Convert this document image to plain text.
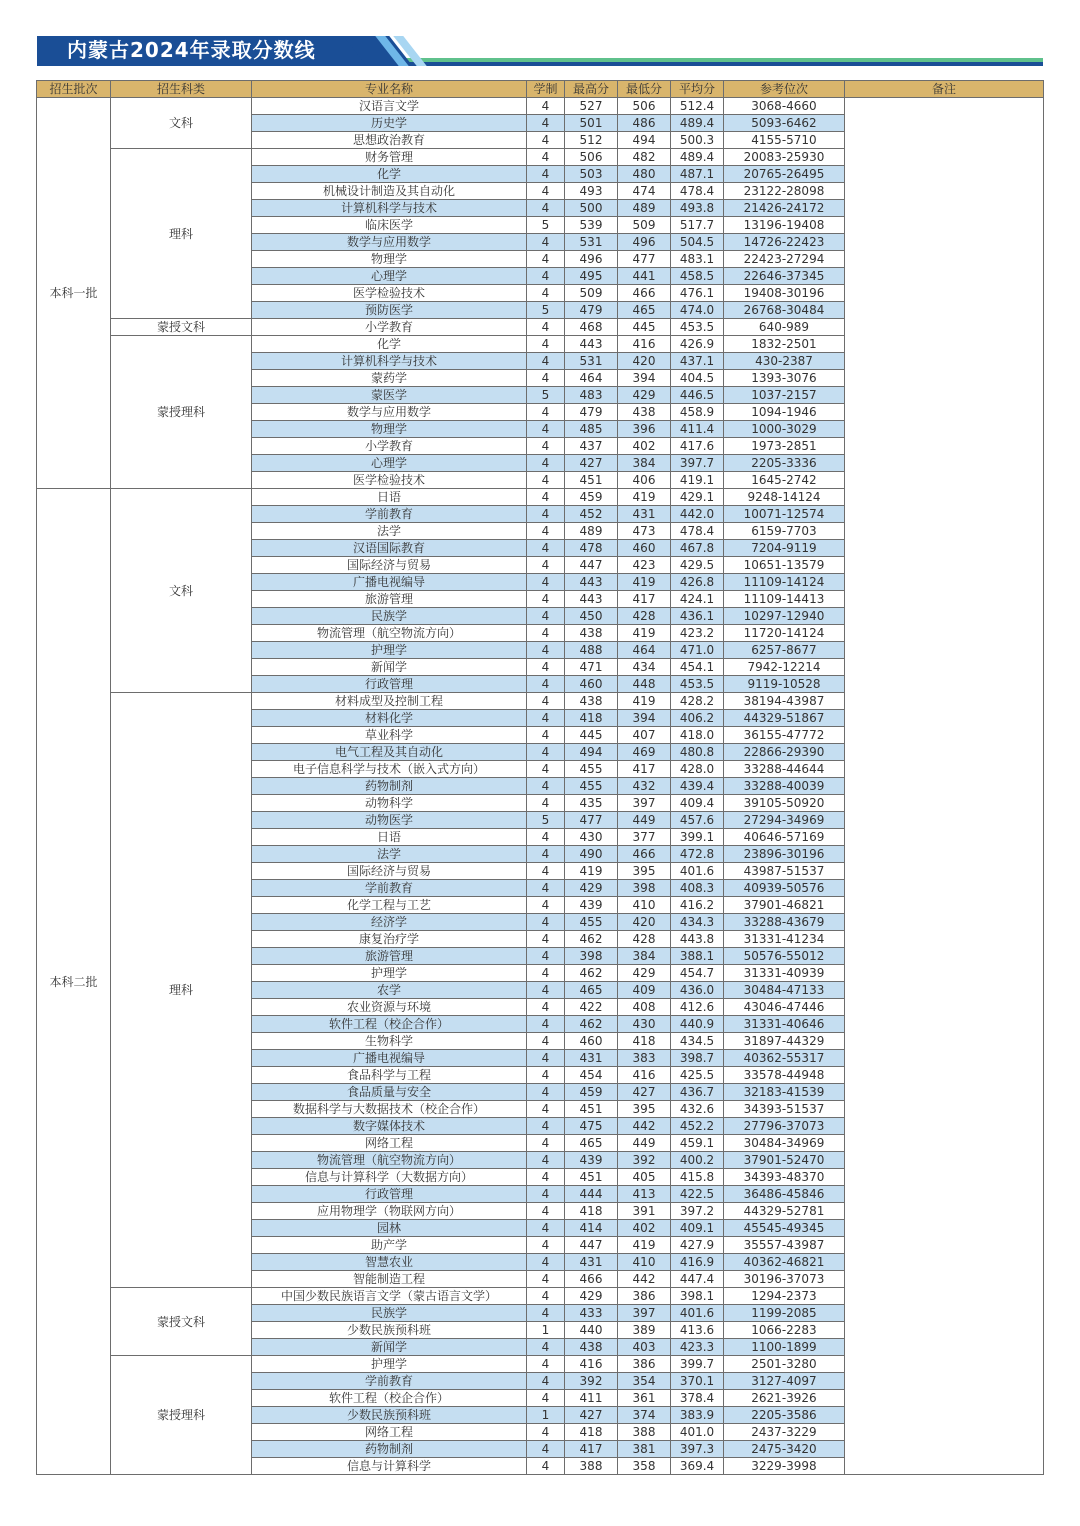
内蒙古2024年录取分数线
招生批次	招生科类	专业名称	学制	最高分	最低分	平均分	参考位次	备注
本科一批	文科	汉语言文学	4	527	506	512.4	3068-4660	
		历史学	4	501	486	489.4	5093-6462	
		思想政治教育	4	512	494	500.3	4155-5710	
	理科	财务管理	4	506	482	489.4	20083-25930	
		化学	4	503	480	487.1	20765-26495	
		机械设计制造及其自动化	4	493	474	478.4	23122-28098	
		计算机科学与技术	4	500	489	493.8	21426-24172	
		临床医学	5	539	509	517.7	13196-19408	
		数学与应用数学	4	531	496	504.5	14726-22423	
		物理学	4	496	477	483.1	22423-27294	
		心理学	4	495	441	458.5	22646-37345	
		医学检验技术	4	509	466	476.1	19408-30196	
		预防医学	5	479	465	474.0	26768-30484	
	蒙授文科	小学教育	4	468	445	453.5	640-989	
	蒙授理科	化学	4	443	416	426.9	1832-2501	
		计算机科学与技术	4	531	420	437.1	430-2387	
		蒙药学	4	464	394	404.5	1393-3076	
		蒙医学	5	483	429	446.5	1037-2157	
		数学与应用数学	4	479	438	458.9	1094-1946	
		物理学	4	485	396	411.4	1000-3029	
		小学教育	4	437	402	417.6	1973-2851	
		心理学	4	427	384	397.7	2205-3336	
		医学检验技术	4	451	406	419.1	1645-2742	
本科二批	文科	日语	4	459	419	429.1	9248-14124	
		学前教育	4	452	431	442.0	10071-12574	
		法学	4	489	473	478.4	6159-7703	
		汉语国际教育	4	478	460	467.8	7204-9119	
		国际经济与贸易	4	447	423	429.5	10651-13579	
		广播电视编导	4	443	419	426.8	11109-14124	
		旅游管理	4	443	417	424.1	11109-14413	
		民族学	4	450	428	436.1	10297-12940	
		物流管理（航空物流方向）	4	438	419	423.2	11720-14124	
		护理学	4	488	464	471.0	6257-8677	
		新闻学	4	471	434	454.1	7942-12214	
		行政管理	4	460	448	453.5	9119-10528	
	理科	材料成型及控制工程	4	438	419	428.2	38194-43987	
		材料化学	4	418	394	406.2	44329-51867	
		草业科学	4	445	407	418.0	36155-47772	
		电气工程及其自动化	4	494	469	480.8	22866-29390	
		电子信息科学与技术（嵌入式方向）	4	455	417	428.0	33288-44644	
		药物制剂	4	455	432	439.4	33288-40039	
		动物科学	4	435	397	409.4	39105-50920	
		动物医学	5	477	449	457.6	27294-34969	
		日语	4	430	377	399.1	40646-57169	
		法学	4	490	466	472.8	23896-30196	
		国际经济与贸易	4	419	395	401.6	43987-51537	
		学前教育	4	429	398	408.3	40939-50576	
		化学工程与工艺	4	439	410	416.2	37901-46821	
		经济学	4	455	420	434.3	33288-43679	
		康复治疗学	4	462	428	443.8	31331-41234	
		旅游管理	4	398	384	388.1	50576-55012	
		护理学	4	462	429	454.7	31331-40939	
		农学	4	465	409	436.0	30484-47133	
		农业资源与环境	4	422	408	412.6	43046-47446	
		软件工程（校企合作）	4	462	430	440.9	31331-40646	
		生物科学	4	460	418	434.5	31897-44329	
		广播电视编导	4	431	383	398.7	40362-55317	
		食品科学与工程	4	454	416	425.5	33578-44948	
		食品质量与安全	4	459	427	436.7	32183-41539	
		数据科学与大数据技术（校企合作）	4	451	395	432.6	34393-51537	
		数字媒体技术	4	475	442	452.2	27796-37073	
		网络工程	4	465	449	459.1	30484-34969	
		物流管理（航空物流方向）	4	439	392	400.2	37901-52470	
		信息与计算科学（大数据方向）	4	451	405	415.8	34393-48370	
		行政管理	4	444	413	422.5	36486-45846	
		应用物理学（物联网方向）	4	418	391	397.2	44329-52781	
		园林	4	414	402	409.1	45545-49345	
		助产学	4	447	419	427.9	35557-43987	
		智慧农业	4	431	410	416.9	40362-46821	
		智能制造工程	4	466	442	447.4	30196-37073	
	蒙授文科	中国少数民族语言文学（蒙古语言文学）	4	429	386	398.1	1294-2373	
		民族学	4	433	397	401.6	1199-2085	
		少数民族预科班	1	440	389	413.6	1066-2283	
		新闻学	4	438	403	423.3	1100-1899	
	蒙授理科	护理学	4	416	386	399.7	2501-3280	
		学前教育	4	392	354	370.1	3127-4097	
		软件工程（校企合作）	4	411	361	378.4	2621-3926	
		少数民族预科班	1	427	374	383.9	2205-3586	
		网络工程	4	418	388	401.0	2437-3229	
		药物制剂	4	417	381	397.3	2475-3420	
		信息与计算科学	4	388	358	369.4	3229-3998	
